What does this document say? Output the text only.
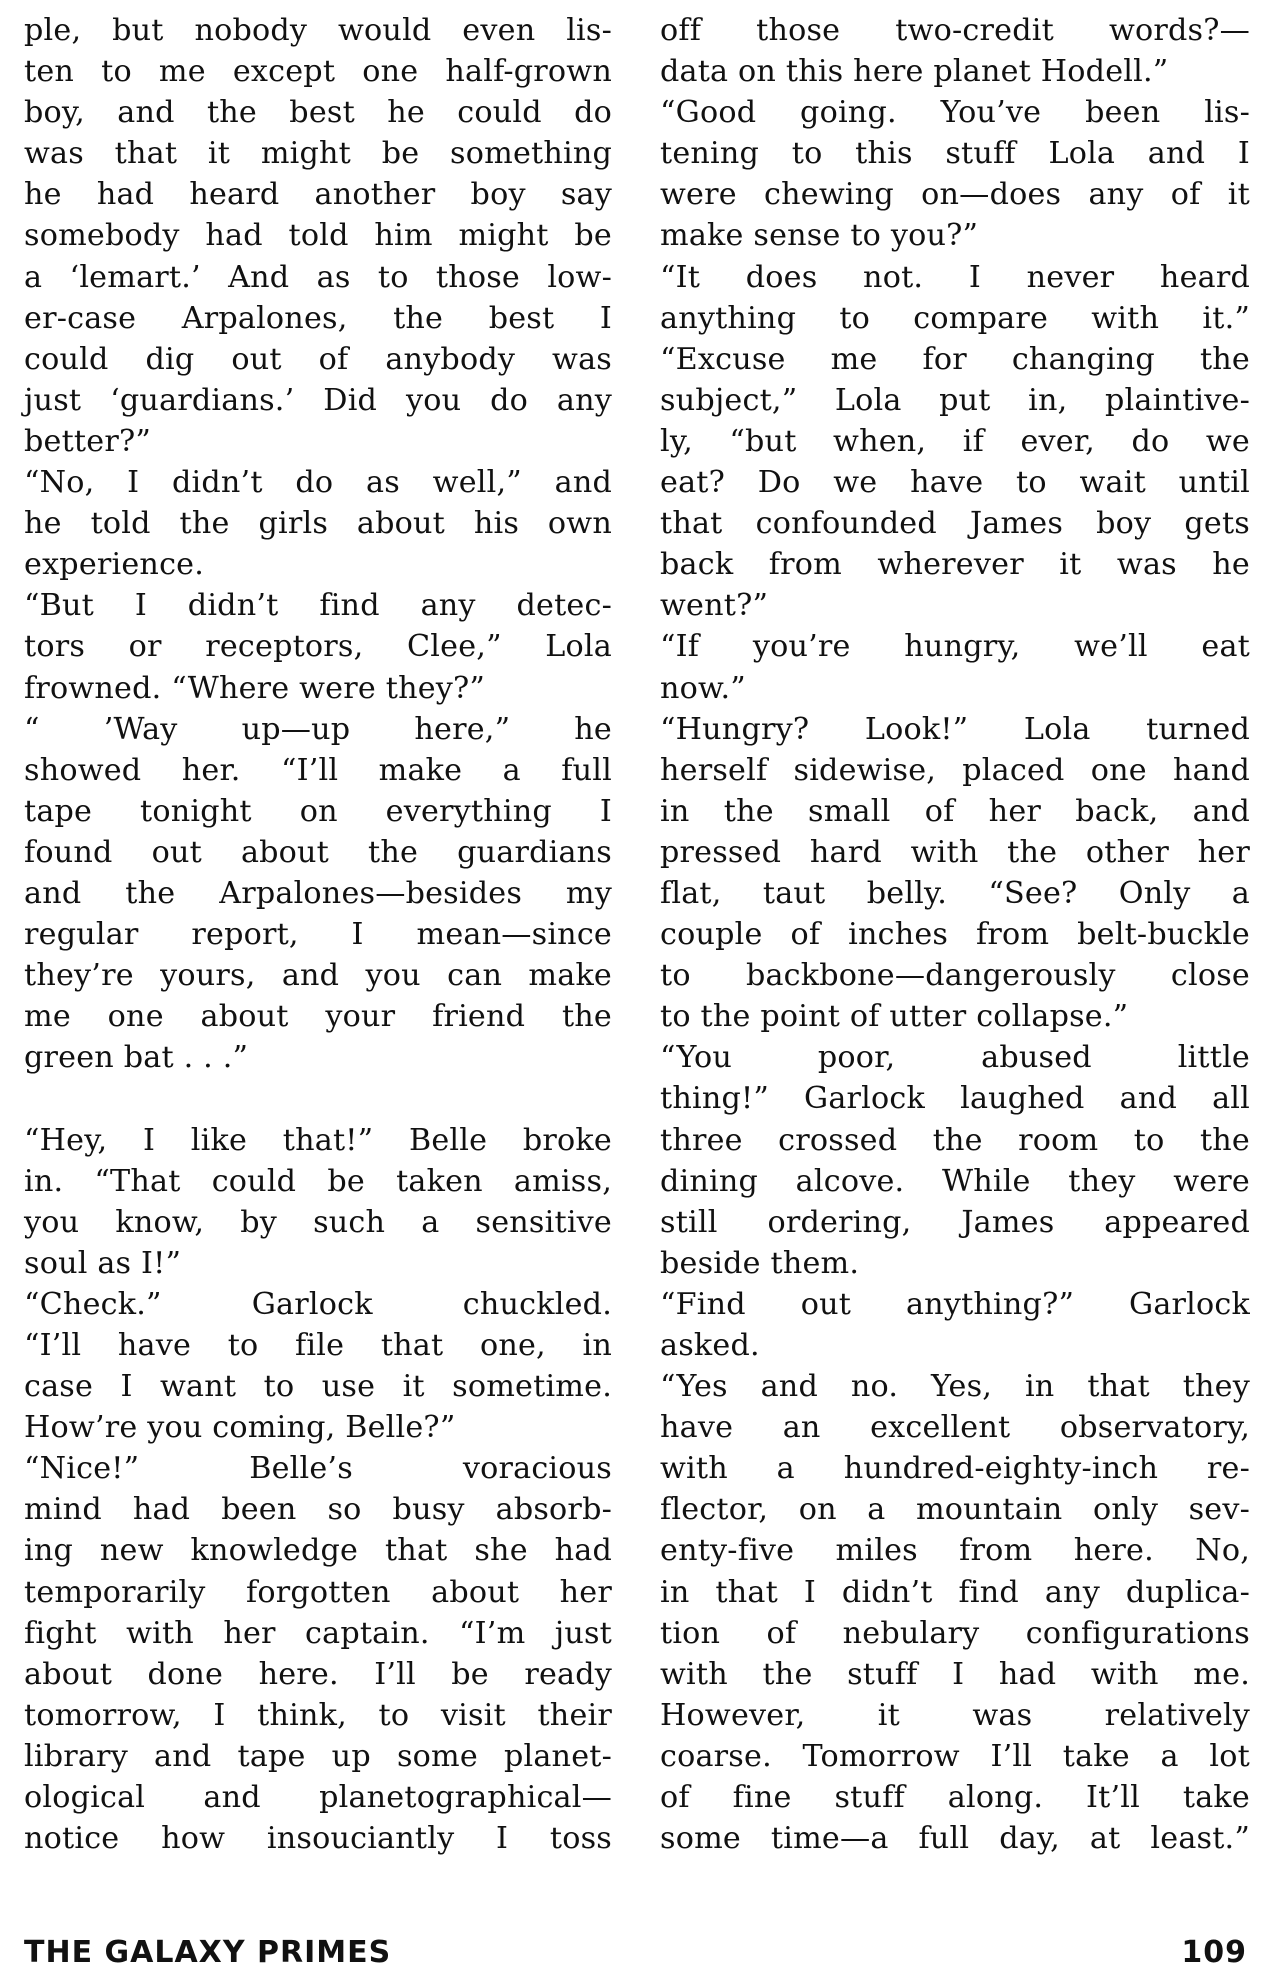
ple, but nobody would even lis-
ten to me except one half-grown
boy, and the best he could do
was that it might be something
he had heard another boy say
somebody had told him might be
a ‘lemart.’ And as to those low-
er-case Arpalones, the best I
could dig out of anybody was
just ‘guardians.’ Did you do any
better?”
“No, I didn’t do as well,” and
he told the girls about his own
experience.
“But I didn’t find any detec-
tors or receptors, Clee,” Lola
frowned. “Where were they?”
“ ’Way up—up here,” he
showed her. “I’ll make a full
tape tonight on everything I
found out about the guardians
and the Arpalones—besides my
regular report, I mean—since
they’re yours, and you can make
me one about your friend the
green bat . . .”
“Hey, I like that!” Belle broke
in. “That could be taken amiss,
you know, by such a sensitive
soul as I!”
“Check.” Garlock chuckled.
“I’ll have to file that one, in
case I want to use it sometime.
How’re you coming, Belle?”
“Nice!” Belle’s voracious
mind had been so busy absorb-
ing new knowledge that she had
temporarily forgotten about her
fight with her captain. “I’m just
about done here. I’ll be ready
tomorrow, I think, to visit their
library and tape up some planet-
ological and planetographical—
notice how insouciantly I toss
off those two-credit words?—
data on this here planet Hodell.”
“Good going. You’ve been lis-
tening to this stuff Lola and I
were chewing on—does any of it
make sense to you?”
“It does not. I never heard
anything to compare with it.”
“Excuse me for changing the
subject,” Lola put in, plaintive-
ly, “but when, if ever, do we
eat? Do we have to wait until
that confounded James boy gets
back from wherever it was he
went?”
“If you’re hungry, we’ll eat
now.”
“Hungry? Look!” Lola turned
herself sidewise, placed one hand
in the small of her back, and
pressed hard with the other her
flat, taut belly. “See? Only a
couple of inches from belt-buckle
to backbone—dangerously close
to the point of utter collapse.”
“You poor, abused little
thing!” Garlock laughed and all
three crossed the room to the
dining alcove. While they were
still ordering, James appeared
beside them.
“Find out anything?” Garlock
asked.
“Yes and no. Yes, in that they
have an excellent observatory,
with a hundred-eighty-inch re-
flector, on a mountain only sev-
enty-five miles from here. No,
in that I didn’t find any duplica-
tion of nebulary configurations
with the stuff I had with me.
However, it was relatively
coarse. Tomorrow I’ll take a lot
of fine stuff along. It’ll take
some time—a full day, at least.”
THE GALAXY PRIMES	109
